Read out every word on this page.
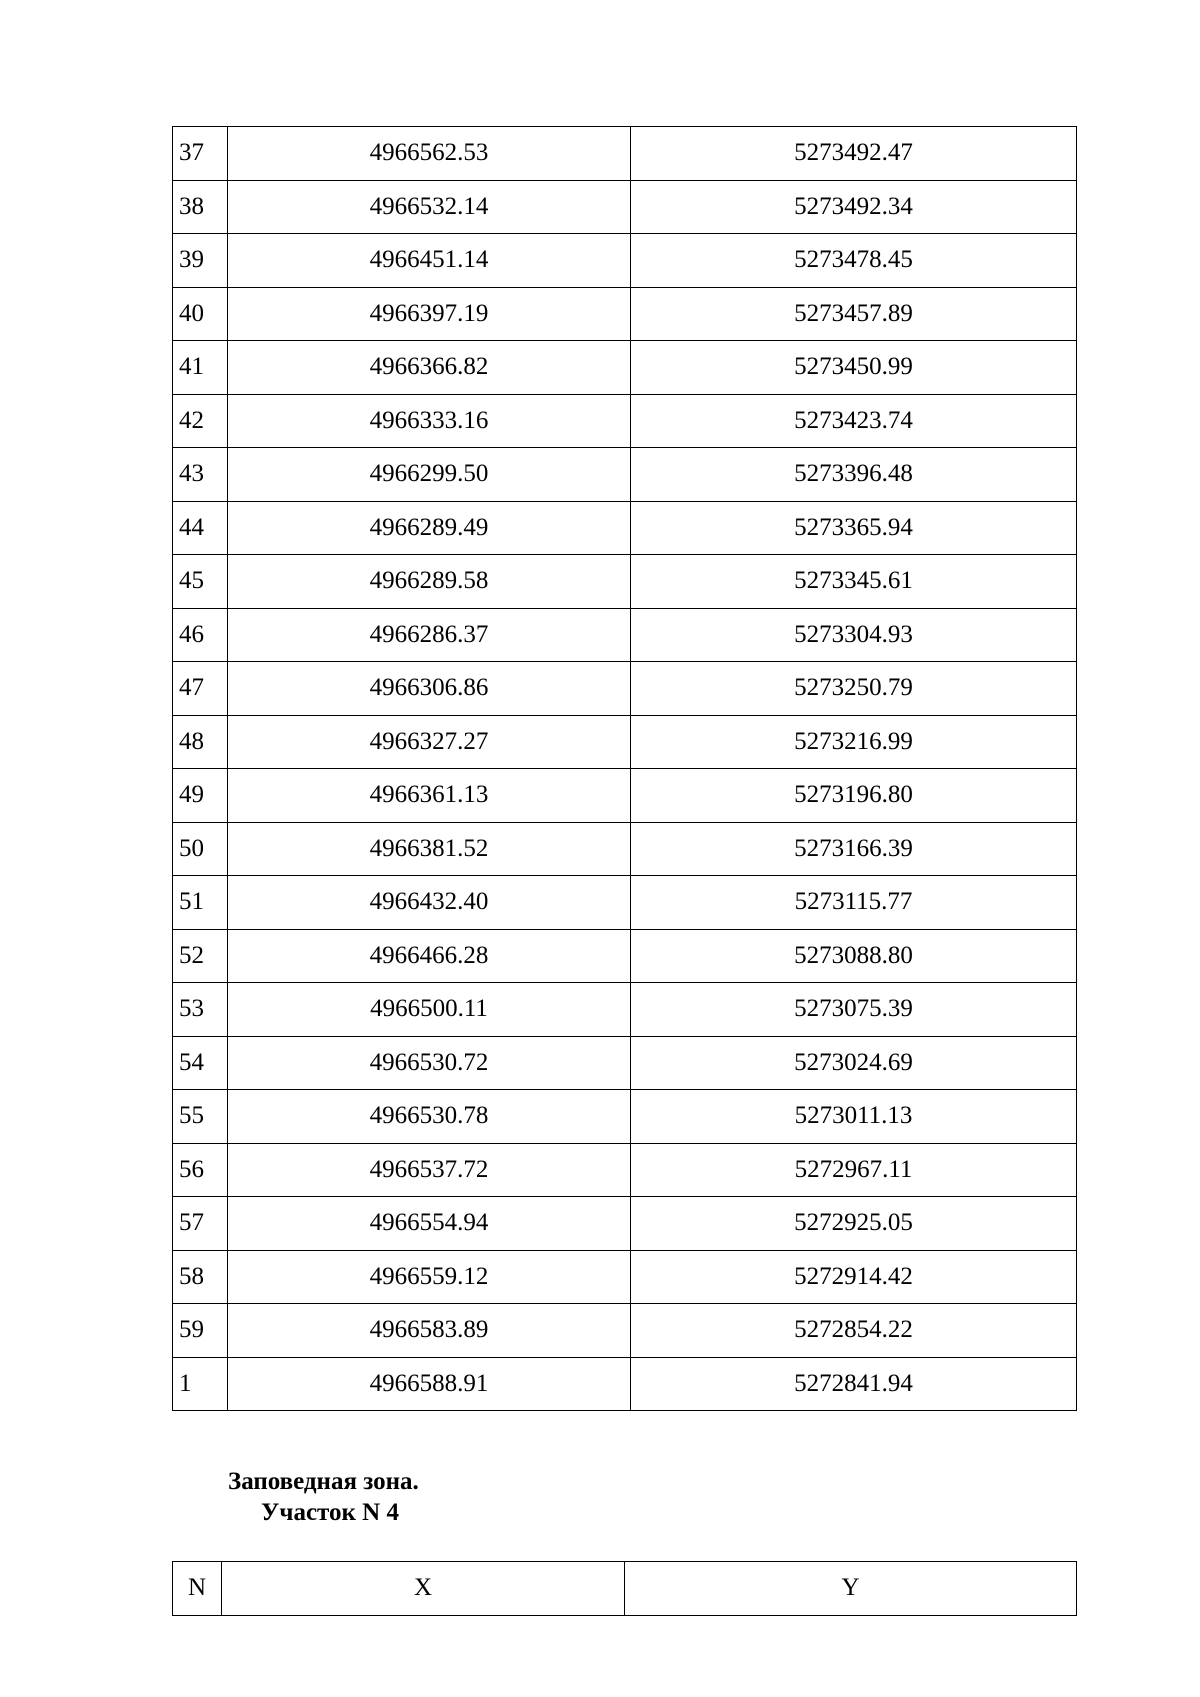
37	4966562.53	5273492.47
38	4966532.14	5273492.34
39	4966451.14	5273478.45
40	4966397.19	5273457.89
41	4966366.82	5273450.99
42	4966333.16	5273423.74
43	4966299.50	5273396.48
44	4966289.49	5273365.94
45	4966289.58	5273345.61
46	4966286.37	5273304.93
47	4966306.86	5273250.79
48	4966327.27	5273216.99
49	4966361.13	5273196.80
50	4966381.52	5273166.39
51	4966432.40	5273115.77
52	4966466.28	5273088.80
53	4966500.11	5273075.39
54	4966530.72	5273024.69
55	4966530.78	5273011.13
56	4966537.72	5272967.11
57	4966554.94	5272925.05
58	4966559.12	5272914.42
59	4966583.89	5272854.22
1	4966588.91	5272841.94
Заповедная зона.
Участок N 4
N	X	Y
